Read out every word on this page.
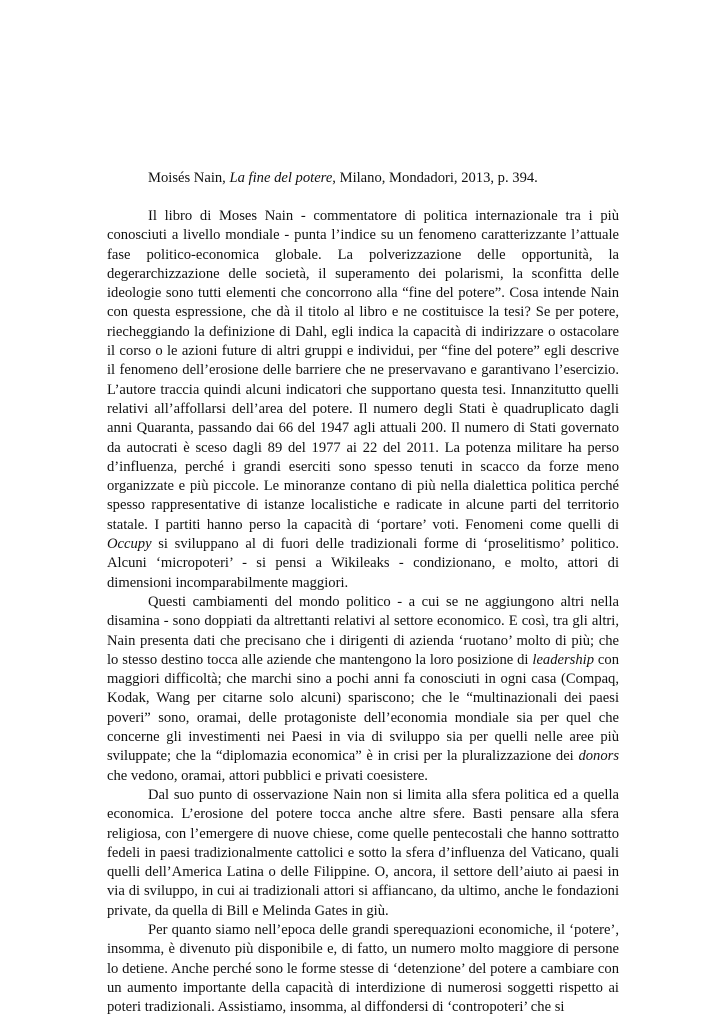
Moisés Nain, La fine del potere, Milano, Mondadori, 2013, p. 394.

Il libro di Moses Nain - commentatore di politica internazionale tra i più conosciuti a livello mondiale - punta l’indice su un fenomeno caratterizzante l’attuale fase politico-economica globale. La polverizzazione delle opportunità, la degerarchizzazione delle società, il superamento dei polarismi, la sconfitta delle ideologie sono tutti elementi che concorrono alla “fine del potere”. Cosa intende Nain con questa espressione, che dà il titolo al libro e ne costituisce la tesi? Se per potere, riecheggiando la definizione di Dahl, egli indica la capacità di indirizzare o ostacolare il corso o le azioni future di altri gruppi e individui, per “fine del potere” egli descrive il fenomeno dell’erosione delle barriere che ne preservavano e garantivano l’esercizio. L’autore traccia quindi alcuni indicatori che supportano questa tesi. Innanzitutto quelli relativi all’affollarsi dell’area del potere. Il numero degli Stati è quadruplicato dagli anni Quaranta, passando dai 66 del 1947 agli attuali 200. Il numero di Stati governato da autocrati è sceso dagli 89 del 1977 ai 22 del 2011. La potenza militare ha perso d’influenza, perché i grandi eserciti sono spesso tenuti in scacco da forze meno organizzate e più piccole. Le minoranze contano di più nella dialettica politica perché spesso rappresentative di istanze localistiche e radicate in alcune parti del territorio statale. I partiti hanno perso la capacità di ‘portare’ voti. Fenomeni come quelli di Occupy si sviluppano al di fuori delle tradizionali forme di ‘proselitismo’ politico. Alcuni ‘micropoteri’ - si pensi a Wikileaks - condizionano, e molto, attori di dimensioni incomparabilmente maggiori.

Questi cambiamenti del mondo politico - a cui se ne aggiungono altri nella disamina - sono doppiati da altrettanti relativi al settore economico. E così, tra gli altri, Nain presenta dati che precisano che i dirigenti di azienda ‘ruotano’ molto di più; che lo stesso destino tocca alle aziende che mantengono la loro posizione di leadership con maggiori difficoltà; che marchi sino a pochi anni fa conosciuti in ogni casa (Compaq, Kodak, Wang per citarne solo alcuni) spariscono; che le “multinazionali dei paesi poveri” sono, oramai, delle protagoniste dell’economia mondiale sia per quel che concerne gli investimenti nei Paesi in via di sviluppo sia per quelli nelle aree più sviluppate; che la “diplomazia economica” è in crisi per la pluralizzazione dei donors che vedono, oramai, attori pubblici e privati coesistere.

Dal suo punto di osservazione Nain non si limita alla sfera politica ed a quella economica. L’erosione del potere tocca anche altre sfere. Basti pensare alla sfera religiosa, con l’emergere di nuove chiese, come quelle pentecostali che hanno sottratto fedeli in paesi tradizionalmente cattolici e sotto la sfera d’influenza del Vaticano, quali quelli dell’America Latina o delle Filippine. O, ancora, il settore dell’aiuto ai paesi in via di sviluppo, in cui ai tradizionali attori si affiancano, da ultimo, anche le fondazioni private, da quella di Bill e Melinda Gates in giù.

Per quanto siamo nell’epoca delle grandi sperequazioni economiche, il ‘potere’, insomma, è divenuto più disponibile e, di fatto, un numero molto maggiore di persone lo detiene. Anche perché sono le forme stesse di ‘detenzione’ del potere a cambiare con un aumento importante della capacità di interdizione di numerosi soggetti rispetto ai poteri tradizionali. Assistiamo, insomma, al diffondersi di ‘contropoteri’ che si
